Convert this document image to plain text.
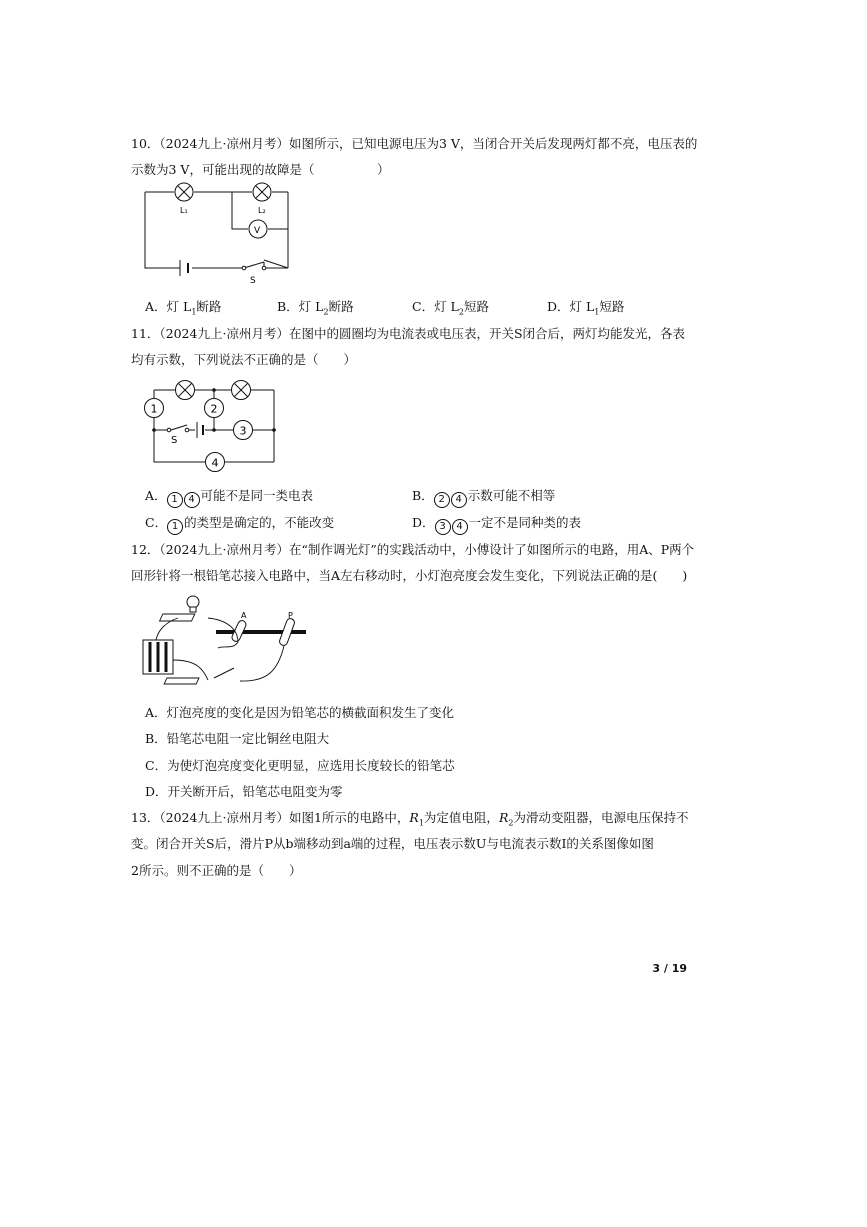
10．（2024九上·凉州月考）如图所示，已知电源电压为3 V，当闭合开关后发现两灯都不亮，电压表的
示数为3 V，可能出现的故障是（　　　　　）
L₁	L₂
V
S
A．灯 $L_1$断路	B．灯 $L_2$断路	C．灯 $L_2$短路	D．灯 $L_1$短路
11．（2024九上·凉州月考）在图中的圆圈均为电流表或电压表，开关S闭合后，两灯均能发光，各表
均有示数，下列说法不正确的是（　　）
1	2
3
4
S
A． 1 4 可能不是同一类电表	B． 2 4 示数可能不相等
C． 1 的类型是确定的，不能改变	D． 3 4 一定不是同种类的表
12．（2024九上·凉州月考）在“制作调光灯”的实践活动中，小傅设计了如图所示的电路，用A、P两个
回形针将一根铅笔芯接入电路中，当A左右移动时，小灯泡亮度会发生变化，下列说法正确的是(　　)
A	P
A．灯泡亮度的变化是因为铅笔芯的横截面积发生了变化
B．铅笔芯电阻一定比铜丝电阻大
C．为使灯泡亮度变化更明显，应选用长度较长的铅笔芯
D．开关断开后，铅笔芯电阻变为零
13．（2024九上·凉州月考）如图1所示的电路中，$R_1$为定值电阻，$R_2$为滑动变阻器，电源电压保持不
变。闭合开关S后，滑片P从b端移动到a端的过程，电压表示数U与电流表示数I的关系图像如图
2所示。则不正确的是（　　）
3 / 19
